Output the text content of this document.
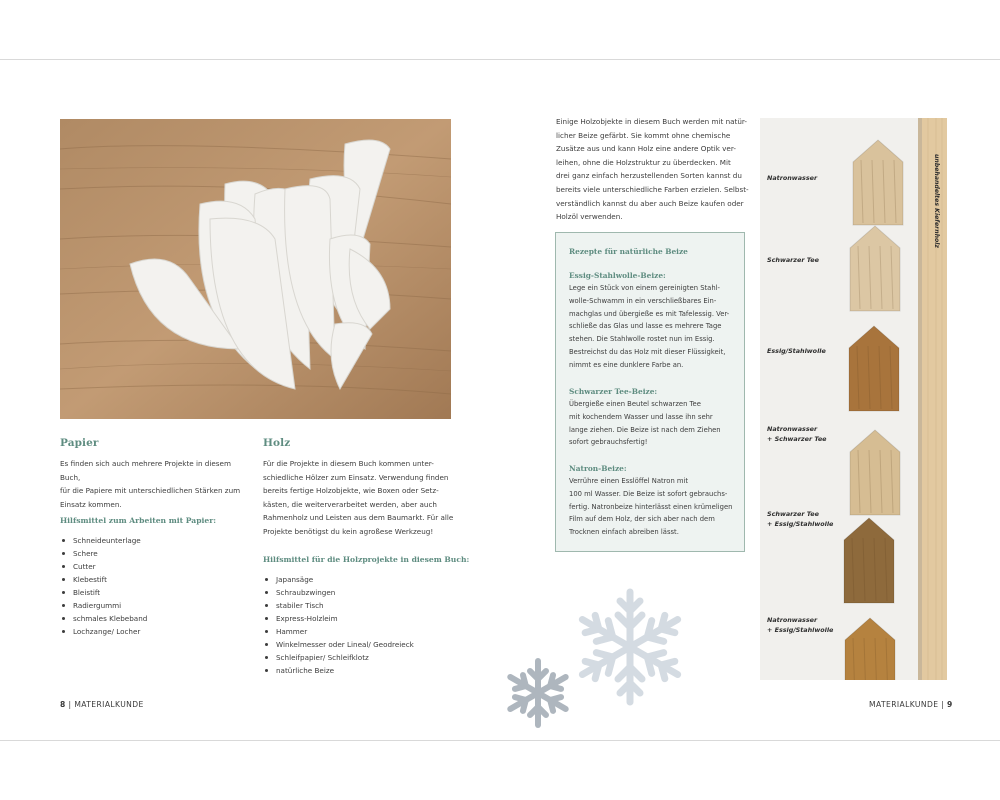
Papier
Es finden sich auch mehrere Projekte in diesem Buch,
für die Papiere mit unterschiedlichen Stärken zum
Einsatz kommen.
Hilfsmittel zum Arbeiten mit Papier:
Schneideunterlage
Schere
Cutter
Klebestift
Bleistift
Radiergummi
schmales Klebeband
Lochzange/ Locher
Holz
Für die Projekte in diesem Buch kommen unter-
schiedliche Hölzer zum Einsatz. Verwendung finden
bereits fertige Holzobjekte, wie Boxen oder Setz-
kästen, die weiterverarbeitet werden, aber auch
Rahmenholz und Leisten aus dem Baumarkt. Für alle
Projekte benötigst du kein agroßese Werkzeug!
Hilfsmittel für die Holzprojekte in diesem Buch:
Japansäge
Schraubzwingen
stabiler Tisch
Express-Holzleim
Hammer
Winkelmesser oder Lineal/ Geodreieck
Schleifpapier/ Schleifklotz
natürliche Beize
Einige Holzobjekte in diesem Buch werden mit natür-
licher Beize gefärbt. Sie kommt ohne chemische
Zusätze aus und kann Holz eine andere Optik ver-
leihen, ohne die Holzstruktur zu überdecken. Mit
drei ganz einfach herzustellenden Sorten kannst du
bereits viele unterschiedliche Farben erzielen. Selbst-
verständlich kannst du aber auch Beize kaufen oder
Holzöl verwenden.
Rezepte für natürliche Beize
Essig-Stahlwolle-Beize:
Lege ein Stück von einem gereinigten Stahl-
wolle-Schwamm in ein verschließbares Ein-
machglas und übergieße es mit Tafelessig. Ver-
schließe das Glas und lasse es mehrere Tage
stehen. Die Stahlwolle rostet nun im Essig.
Bestreichst du das Holz mit dieser Flüssigkeit,
nimmt es eine dunklere Farbe an.
Schwarzer Tee-Beize:
Übergieße einen Beutel schwarzen Tee
mit kochendem Wasser und lasse ihn sehr
lange ziehen. Die Beize ist nach dem Ziehen
sofort gebrauchsfertig!
Natron-Beize:
Verrühre einen Esslöffel Natron mit
100 ml Wasser. Die Beize ist sofort gebrauchs-
fertig. Natronbeize hinterlässt einen krümeligen
Film auf dem Holz, der sich aber nach dem
Trocknen einfach abreiben lässt.
unbehandeltes Kiefernholz
Natronwasser
Schwarzer Tee
Essig/Stahlwolle
Natronwasser
+ Schwarzer Tee
Schwarzer Tee
+ Essig/Stahlwolle
Natronwasser
+ Essig/Stahlwolle
8 | MATERIALKUNDE	MATERIALKUNDE | 9
